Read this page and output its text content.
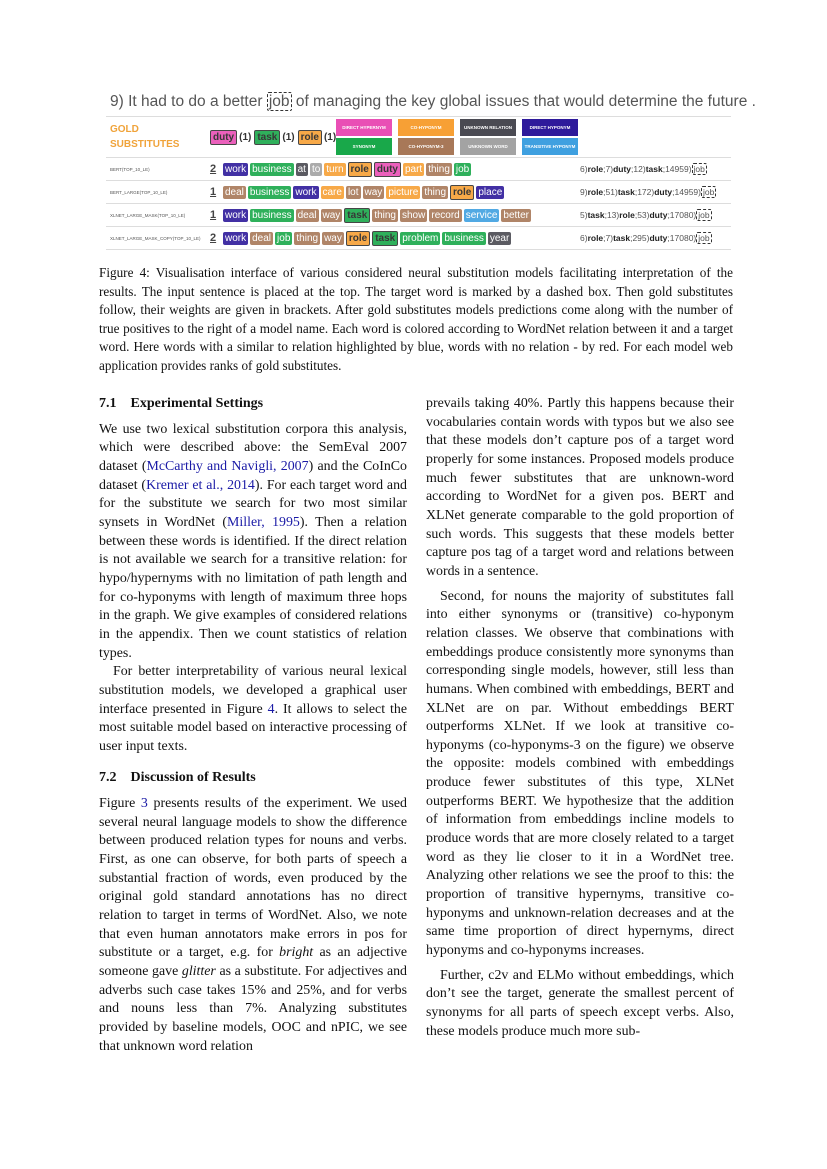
9) It had to do a better job of managing the key global issues that would determine the future .
GOLD SUBSTITUTES
duty (1) task (1) role (1)
DIRECT HYPERNYM	CO-HYPONYM	UNKNOWN RELATION	DIRECT HYPONYM
SYNONYM	CO-HYPONYM-3	UNKNOWN WORD	TRANSITIVE HYPONYM
BERT(TOP_10_LE)	2 work business at to turn role duty part thing job	6)role;7)duty;12)task;14959) job
BERT_LARGE(TOP_10_LE)	1 deal business work care lot way picture thing role place	9)role;51)task;172)duty;14959) job
XLNET_LARGE_MASK(TOP_10_LE)	1 work business deal way task thing show record service better	5)task;13)role;53)duty;17080) job
XLNET_LARGE_MASK_COPY(TOP_10_LE) 2 work deal job thing way role task problem business year	6)role;7)task;295)duty;17080) job
Figure 4: Visualisation interface of various considered neural substitution models facilitating interpretation of the results. The input sentence is placed at the top. The target word is marked by a dashed box. Then gold substitutes follow, their weights are given in brackets. After gold substitutes models predictions come along with the number of true positives to the right of a model name. Each word is colored according to WordNet relation between it and a target word. Here words with a similar to relation highlighted by blue, words with no relation - by red. For each model web application provides ranks of gold substitutes.
7.1 Experimental Settings

We use two lexical substitution corpora this analysis, which were described above: the SemEval 2007 dataset (McCarthy and Navigli, 2007) and the CoInCo dataset (Kremer et al., 2014). For each target word and for the substitute we search for two most similar synsets in WordNet (Miller, 1995). Then a relation between these words is identified. If the direct relation is not available we search for a transitive relation: for hypo/hypernyms with no limitation of path length and for co-hyponyms with length of maximum three hops in the graph. We give examples of considered relations in the appendix. Then we count statistics of relation types.

For better interpretability of various neural lexical substitution models, we developed a graphical user interface presented in Figure 4. It allows to select the most suitable model based on interactive processing of user input texts.

7.2 Discussion of Results

Figure 3 presents results of the experiment. We used several neural language models to show the difference between produced relation types for nouns and verbs. First, as one can observe, for both parts of speech a substantial fraction of words, even produced by the original gold standard annotations has no direct relation to target in terms of WordNet. Also, we note that even human annotators make errors in pos for substitute or a target, e.g. for bright as an adjective someone gave glitter as a substitute. For adjectives and adverbs such case takes 15% and 25%, and for verbs and nouns less than 7%. Analyzing substitutes provided by baseline models, OOC and nPIC, we see that unknown word relation

prevails taking 40%. Partly this happens because their vocabularies contain words with typos but we also see that these models don’t capture pos of a target word properly for some instances. Proposed models produce much fewer substitutes that are unknown-word according to WordNet for a given pos. BERT and XLNet generate comparable to the gold proportion of such words. This suggests that these models better capture pos tag of a target word and relations between words in a sentence.

Second, for nouns the majority of substitutes fall into either synonyms or (transitive) co-hyponym relation classes. We observe that combinations with embeddings produce consistently more synonyms than corresponding single models, however, still less than humans. When combined with embeddings, BERT and XLNet are on par. Without embeddings BERT outperforms XLNet. If we look at transitive co-hyponyms (co-hyponyms-3 on the figure) we observe the opposite: models combined with embeddings produce fewer substitutes of this type, XLNet outperforms BERT. We hypothesize that the addition of information from embeddings incline models to produce words that are more closely related to a target word as they lie closer to it in a WordNet tree. Analyzing other relations we see the proof to this: the proportion of transitive hypernyms, transitive co-hyponyms and unknown-relation decreases and at the same time proportion of direct hypernyms, direct hyponyms and co-hyponyms increases.

Further, c2v and ELMo without embeddings, which don’t see the target, generate the smallest percent of synonyms for all parts of speech except verbs. Also, these models produce much more sub-
